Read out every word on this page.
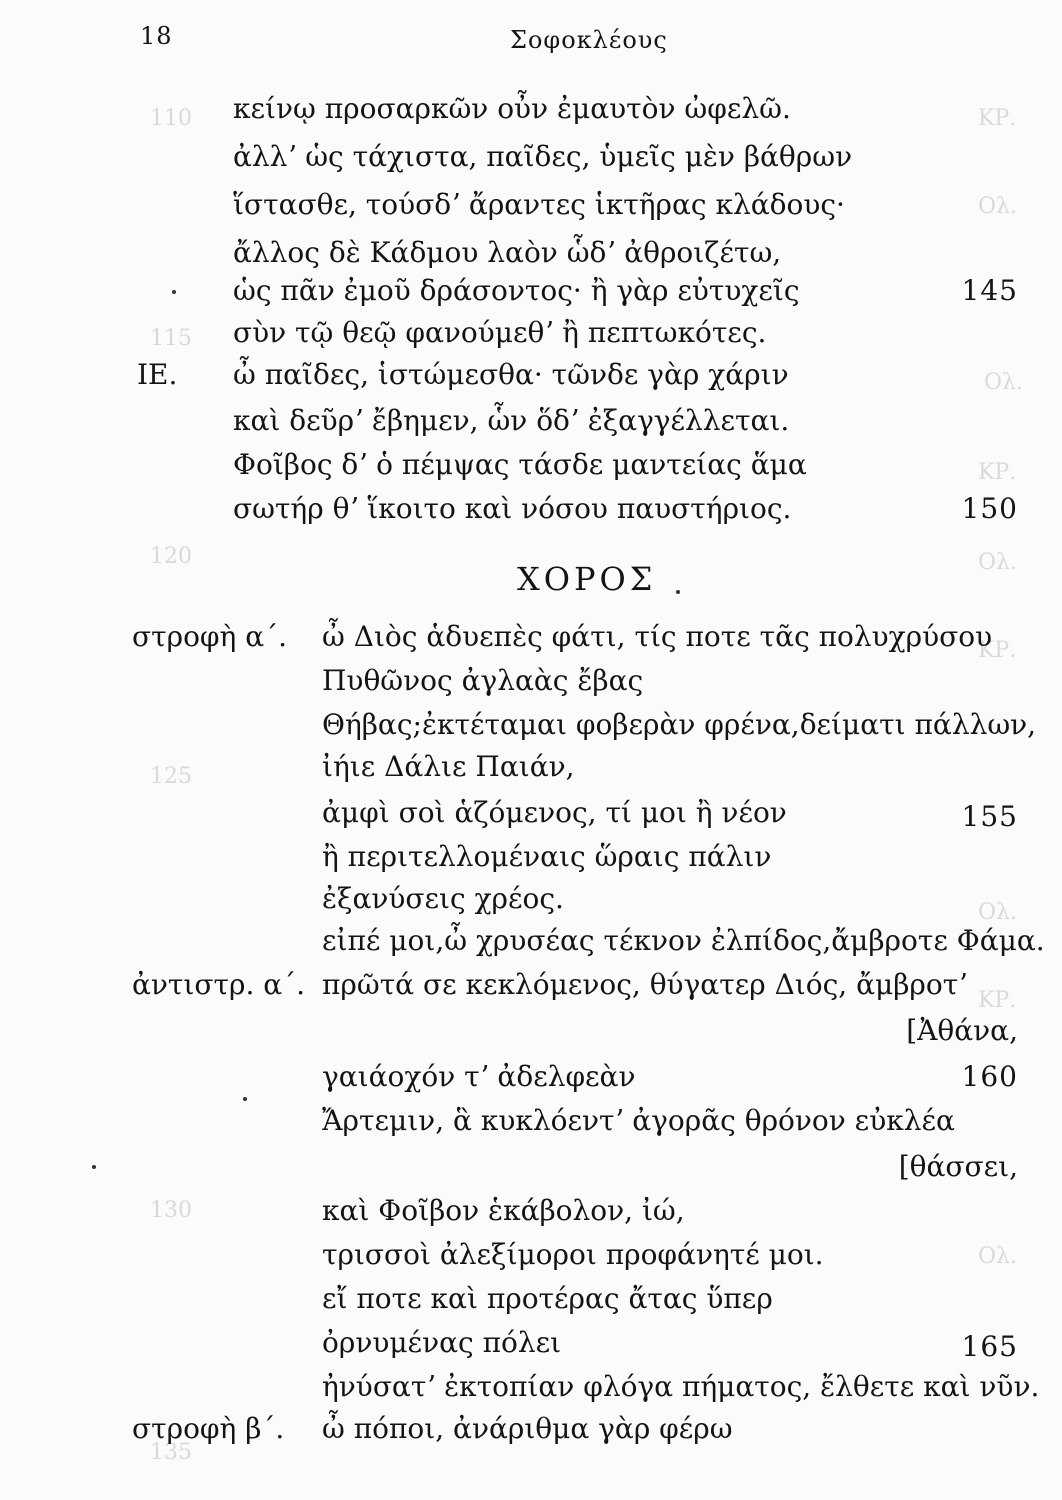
ΚΡ.
Ολ.
Ολ.
ΚΡ.
Ολ.
ΚΡ.
Ολ.
ΚΡ.
Ολ.
110
115
120
125
130
135
18	Σοφοκλέους
κείνῳ προσαρκῶν οὖν ἐμαυτὸν ὠφελῶ.
ἀλλʼ ὡς τάχιστα, παῖδες, ὑμεῖς μὲν βάθρων
ἵστασθε, τούσδʼ ἄραντες ἱκτῆρας κλάδους·
ἄλλος δὲ Κάδμου λαὸν ὧδʼ ἀθροιζέτω,
ὡς πᾶν ἐμοῦ δράσοντος· ἢ γὰρ εὐτυχεῖς	145
σὺν τῷ θεῷ φανούμεθʼ ἢ πεπτωκότες.
ΙΕ. ὦ παῖδες, ἱστώμεσθα· τῶνδε γὰρ χάριν
καὶ δεῦρʼ ἔβημεν, ὧν ὅδʼ ἐξαγγέλλεται.
Φοῖβος δʼ ὁ πέμψας τάσδε μαντείας ἅμα
σωτήρ θʼ ἵκοιτο καὶ νόσου παυστήριος.	150
ΧΟΡΟΣ
στροφὴ α΄. ὦ Διὸς ἁδυεπὲς φάτι, τίς ποτε τᾶς πολυχρύσου
Πυθῶνος ἀγλαὰς ἔβας
Θήβας;ἐκτέταμαι φοβερὰν φρένα,δείματι πάλλων,
ἰήιε Δάλιε Παιάν,
ἀμφὶ σοὶ ἁζόμενος, τί μοι ἢ νέον	155
ἢ περιτελλομέναις ὥραις πάλιν
ἐξανύσεις χρέος.
εἰπέ μοι,ὦ χρυσέας τέκνον ἐλπίδος,ἄμβροτε Φάμα.
ἀντιστρ. α΄. πρῶτά σε κεκλόμενος, θύγατερ Διός, ἄμβροτʼ
[Ἀθάνα,
γαιάοχόν τʼ ἀδελφεὰν	160
Ἄρτεμιν, ἃ κυκλόεντʼ ἀγορᾶς θρόνον εὐκλέα
[θάσσει,
καὶ Φοῖβον ἑκάβολον, ἰώ,
τρισσοὶ ἀλεξίμοροι προφάνητέ μοι.
εἴ ποτε καὶ προτέρας ἄτας ὕπερ
ὀρνυμένας πόλει	165
ἠνύσατʼ ἐκτοπίαν φλόγα πήματος, ἔλθετε καὶ νῦν.
στροφὴ β΄. ὦ πόποι, ἀνάριθμα γὰρ φέρω
